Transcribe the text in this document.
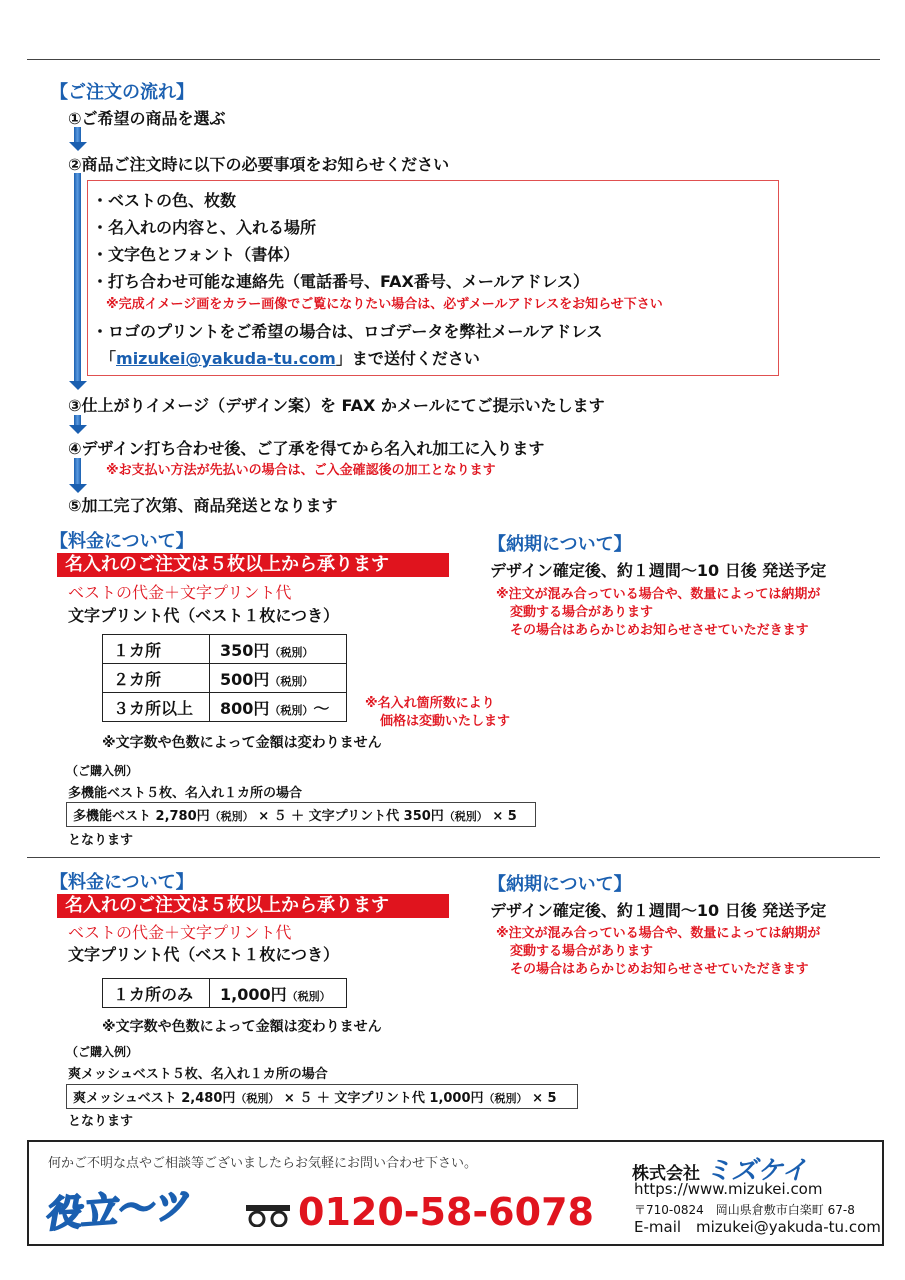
【ご注文の流れ】
①ご希望の商品を選ぶ
②商品ご注文時に以下の必要事項をお知らせください
・ベストの色、枚数
・名入れの内容と、入れる場所
・文字色とフォント（書体）
・打ち合わせ可能な連絡先（電話番号、FAX番号、メールアドレス）
※完成イメージ画をカラー画像でご覧になりたい場合は、必ずメールアドレスをお知らせ下さい
・ロゴのプリントをご希望の場合は、ロゴデータを弊社メールアドレス
「mizukei@yakuda-tu.com」まで送付ください
③仕上がりイメージ（デザイン案）を FAX かメールにてご提示いたします
④デザイン打ち合わせ後、ご了承を得てから名入れ加工に入ります
※お支払い方法が先払いの場合は、ご入金確認後の加工となります
⑤加工完了次第、商品発送となります
【料金について】
名入れのご注文は５枚以上から承ります
ベストの代金＋文字プリント代
文字プリント代（ベスト１枚につき）
１カ所	350円（税別）
２カ所	500円（税別）
３カ所以上	800円（税別）〜	※名入れ箇所数により
価格は変動いたします
※文字数や色数によって金額は変わりません
（ご購入例）
多機能ベスト５枚、名入れ１カ所の場合
多機能ベスト 2,780円（税別） × ５ ＋ 文字プリント代 350円（税別） × 5
となります
【納期について】
デザイン確定後、約１週間〜10 日後 発送予定
※注文が混み合っている場合や、数量によっては納期が
変動する場合があります
その場合はあらかじめお知らせさせていただきます
【料金について】
名入れのご注文は５枚以上から承ります
ベストの代金＋文字プリント代
文字プリント代（ベスト１枚につき）
１カ所のみ	1,000円（税別）
※文字数や色数によって金額は変わりません
（ご購入例）
爽メッシュベスト５枚、名入れ１カ所の場合
爽メッシュベスト 2,480円（税別） × ５ ＋ 文字プリント代 1,000円（税別） × 5
となります
【納期について】
デザイン確定後、約１週間〜10 日後 発送予定
※注文が混み合っている場合や、数量によっては納期が
変動する場合があります
その場合はあらかじめお知らせさせていただきます
何かご不明な点やご相談等ございましたらお気軽にお問い合わせ下さい。
役立〜ツ	0120-58-6078
株式会社 ミズケイ
https://www.mizukei.com
〒710-0824　岡山県倉敷市白楽町 67-8
E-mail　mizukei@yakuda-tu.com
